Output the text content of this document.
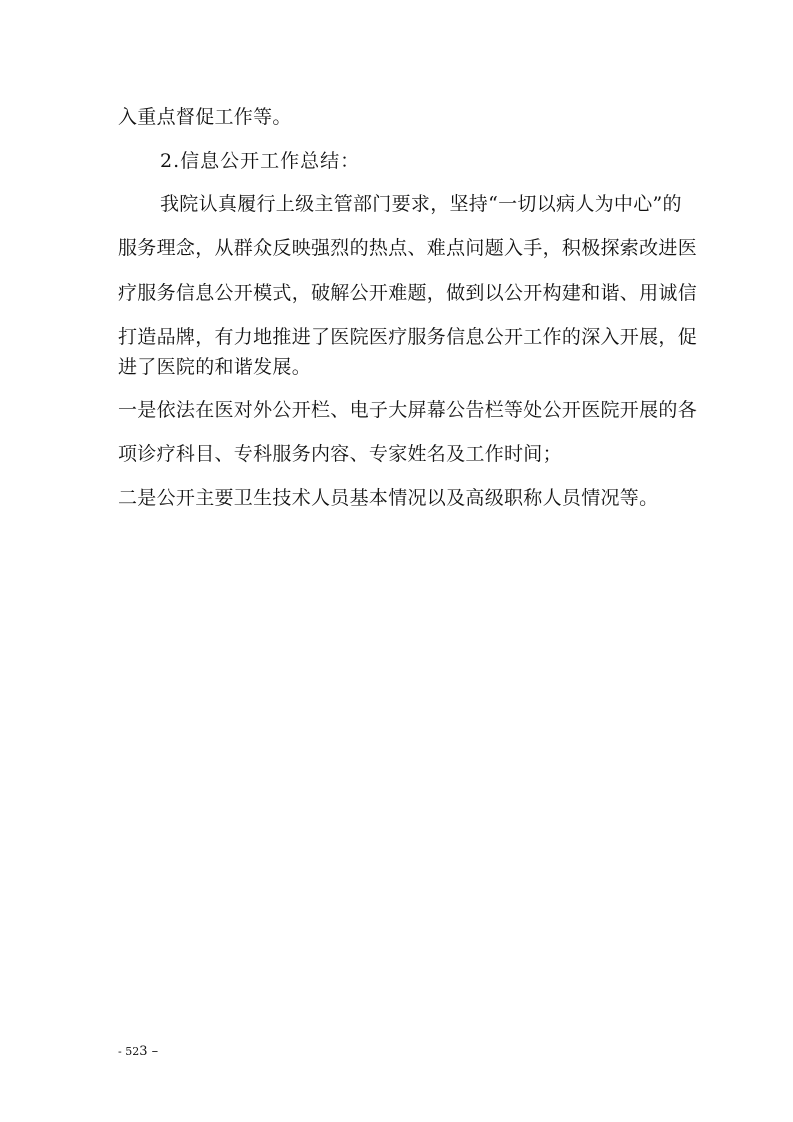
入重点督促工作等。
2.信息公开工作总结：
我院认真履行上级主管部门要求，坚持“一切以病人为中心”的
服务理念，从群众反映强烈的热点、难点问题入手，积极探索改进医
疗服务信息公开模式，破解公开难题，做到以公开构建和谐、用诚信
打造品牌，有力地推进了医院医疗服务信息公开工作的深入开展，促
进了医院的和谐发展。
一是依法在医对外公开栏、电子大屏幕公告栏等处公开医院开展的各
项诊疗科目、专科服务内容、专家姓名及工作时间；
二是公开主要卫生技术人员基本情况以及高级职称人员情况等。
- 523 –
